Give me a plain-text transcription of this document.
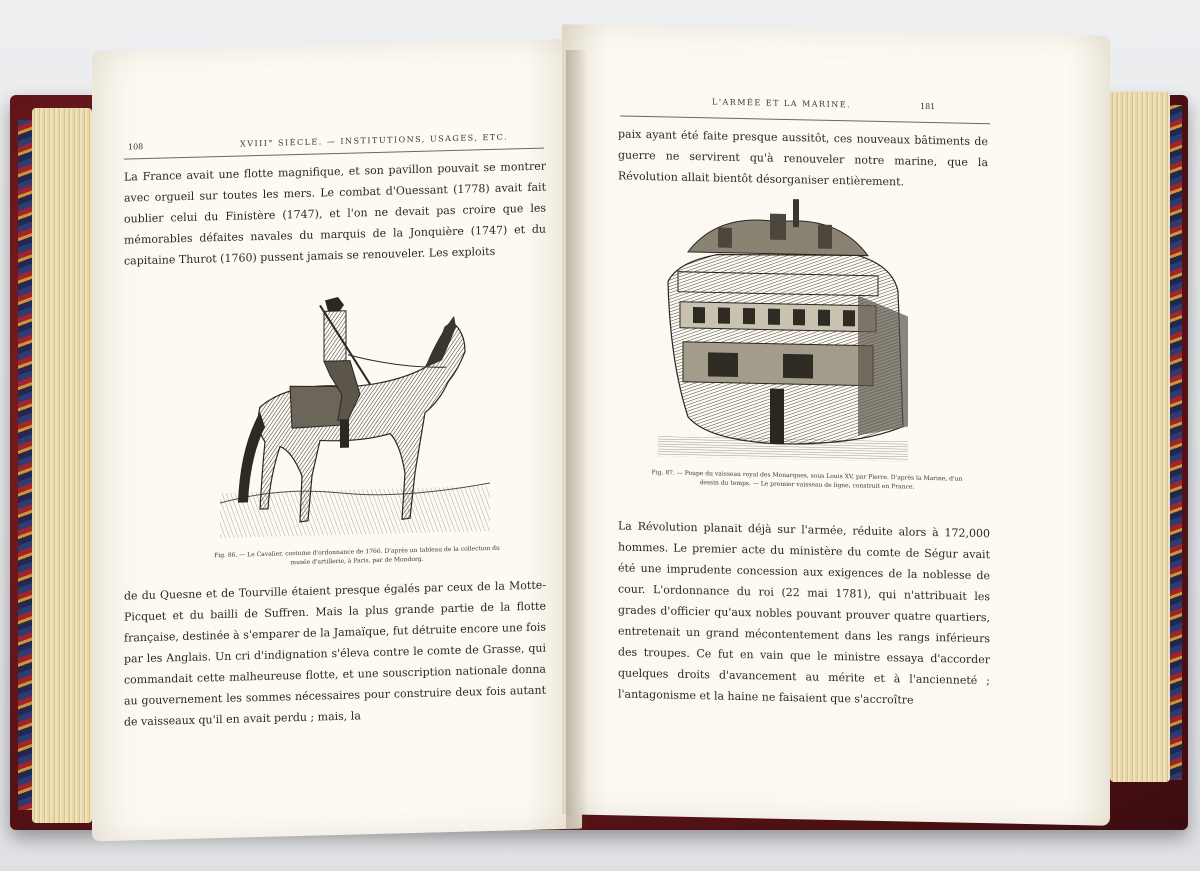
108	XVIII° SIÈCLE. — INSTITUTIONS, USAGES, ETC.

La France avait une flotte magnifique, et son pavillon pouvait se montrer avec orgueil sur toutes les mers. Le combat d'Ouessant (1778) avait fait oublier celui du Finistère (1747), et l'on ne devait pas croire que les mémorables défaites navales du marquis de la Jonquière (1747) et du capitaine Thurot (1760) pussent jamais se renouveler. Les exploits

Fig. 86. — Le Cavalier, costume d'ordonnance de 1766. D'après un tableau de la collection du musée d'artillerie, à Paris, par de Mondorg.

de du Quesne et de Tourville étaient presque égalés par ceux de la Motte-Picquet et du bailli de Suffren. Mais la plus grande partie de la flotte française, destinée à s'emparer de la Jamaïque, fut détruite encore une fois par les Anglais. Un cri d'indignation s'éleva contre le comte de Grasse, qui commandait cette malheureuse flotte, et une souscription nationale donna au gouvernement les sommes nécessaires pour construire deux fois autant de vaisseaux qu'il en avait perdu ; mais, la

L'ARMÉE ET LA MARINE.	181

paix ayant été faite presque aussitôt, ces nouveaux bâtiments de guerre ne servirent qu'à renouveler notre marine, que la Révolution allait bientôt désorganiser entièrement.

Fig. 87. — Poupe du vaisseau royal des Monarques, sous Louis XV, par Pierre. D'après la Marine, d'un dessin du temps. — Le premier vaisseau de ligne, construit en France.

La Révolution planait déjà sur l'armée, réduite alors à 172,000 hommes. Le premier acte du ministère du comte de Ségur avait été une imprudente concession aux exigences de la noblesse de cour. L'ordonnance du roi (22 mai 1781), qui n'attribuait les grades d'officier qu'aux nobles pouvant prouver quatre quartiers, entretenait un grand mécontentement dans les rangs inférieurs des troupes. Ce fut en vain que le ministre essaya d'accorder quelques droits d'avancement au mérite et à l'ancienneté ; l'antagonisme et la haine ne faisaient que s'accroître
